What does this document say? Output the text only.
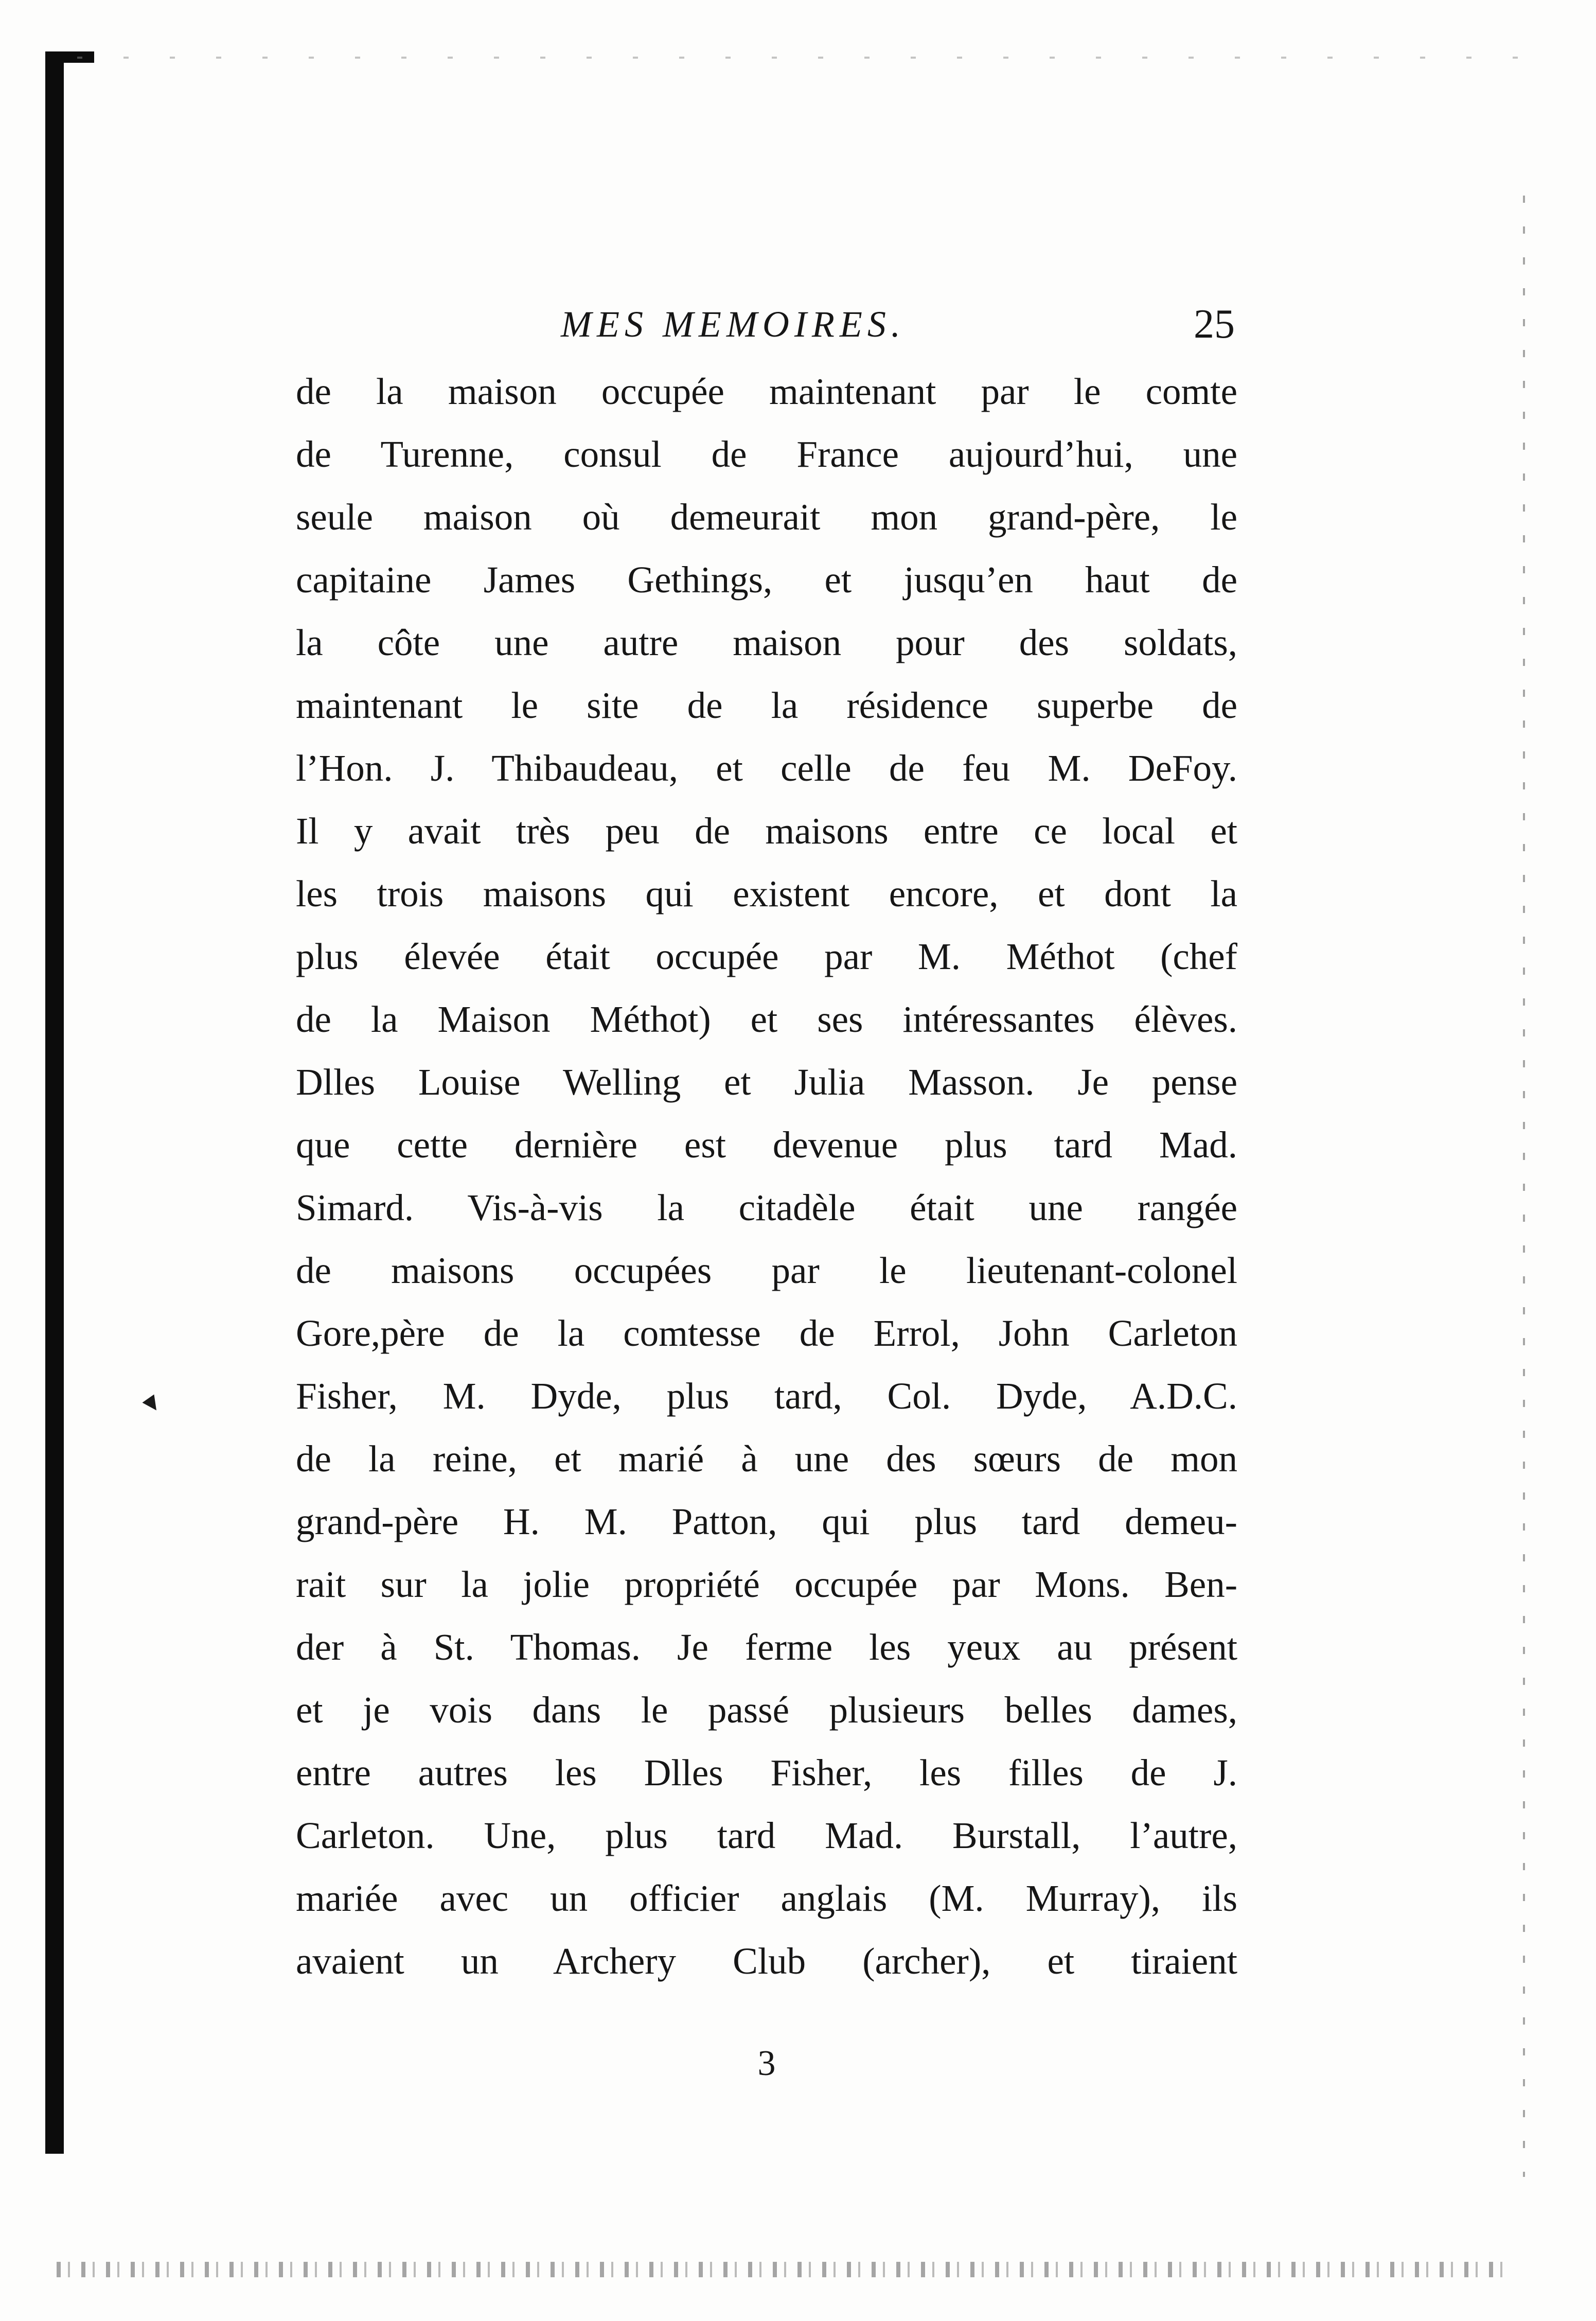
MES MEMOIRES.	25
de la maison occupée maintenant par le comte
de Turenne, consul de France aujourd’hui, une
seule maison où demeurait mon grand-père, le
capitaine James Gethings, et jusqu’en haut de
la côte une autre maison pour des soldats,
maintenant le site de la résidence superbe de
l’Hon. J. Thibaudeau, et celle de feu M. DeFoy.
Il y avait très peu de maisons entre ce local et
les trois maisons qui existent encore, et dont la
plus élevée était occupée par M. Méthot (chef
de la Maison Méthot) et ses intéressantes élèves.
Dlles Louise Welling et Julia Masson. Je pense
que cette dernière est devenue plus tard Mad.
Simard. Vis-à-vis la citadèle était une rangée
de maisons occupées par le lieutenant-colonel
Gore,père de la comtesse de Errol, John Carleton
Fisher, M. Dyde, plus tard, Col. Dyde, A.D.C.
de la reine, et marié à une des sœurs de mon
grand-père H. M. Patton, qui plus tard demeu-
rait sur la jolie propriété occupée par Mons. Ben-
der à St. Thomas. Je ferme les yeux au présent
et je vois dans le passé plusieurs belles dames,
entre autres les Dlles Fisher, les filles de J.
Carleton. Une, plus tard Mad. Burstall, l’autre,
mariée avec un officier anglais (M. Murray), ils
avaient un Archery Club (archer), et tiraient
3
